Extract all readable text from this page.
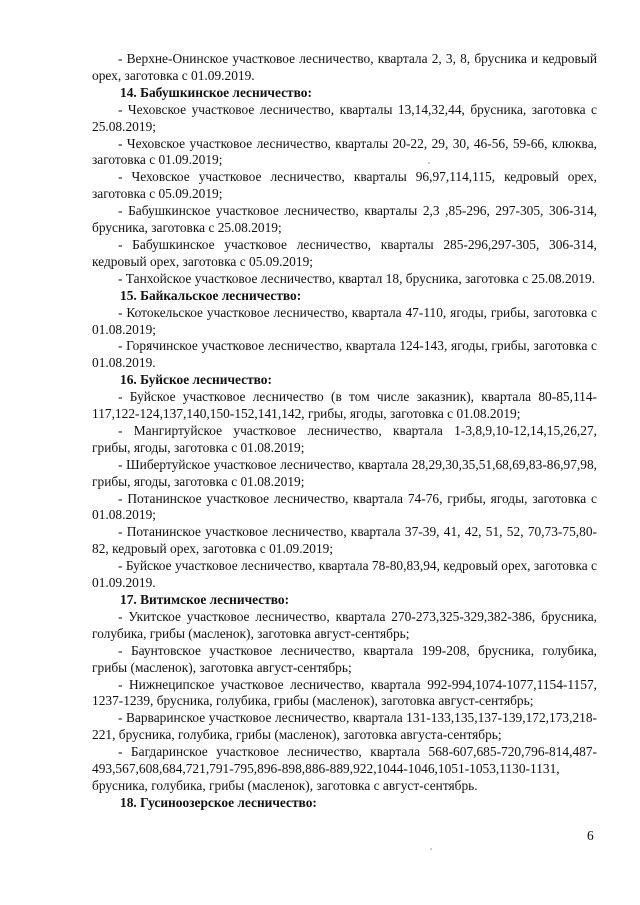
- Верхне-Онинское участковое лесничество, квартала 2, 3, 8, брусника и кедровый орех, заготовка с 01.09.2019.

14. Бабушкинское лесничество:

- Чеховское участковое лесничество, кварталы 13,14,32,44, брусника, заготовка с 25.08.2019;

- Чеховское участковое лесничество, кварталы 20-22, 29, 30, 46-56, 59-66, клюква, заготовка с 01.09.2019;

- Чеховское участковое лесничество, кварталы 96,97,114,115, кедровый орех, заготовка с 05.09.2019;

- Бабушкинское участковое лесничество, кварталы 2,3 ,85-296, 297-305, 306-314, брусника, заготовка с 25.08.2019;

- Бабушкинское участковое лесничество, кварталы 285-296,297-305, 306-314, кедровый орех, заготовка с 05.09.2019;

- Танхойское участковое лесничество, квартал 18, брусника, заготовка с 25.08.2019.

15. Байкальское лесничество:

- Котокельское участковое лесничество, квартала 47-110, ягоды, грибы, заготовка с 01.08.2019;

- Горячинское участковое лесничество, квартала 124-143, ягоды, грибы, заготовка с 01.08.2019.

16. Буйское лесничество:

- Буйское участковое лесничество (в том числе заказник), квартала 80-85,114-117,122-124,137,140,150-152,141,142, грибы, ягоды, заготовка с 01.08.2019;

- Мангиртуйское участковое лесничество, квартала 1-3,8,9,10-12,14,15,26,27, грибы, ягоды, заготовка с 01.08.2019;

- Шибертуйское участковое лесничество, квартала 28,29,30,35,51,68,69,83-86,97,98, грибы, ягоды, заготовка с 01.08.2019;

- Потанинское участковое лесничество, квартала 74-76, грибы, ягоды, заготовка с 01.08.2019;

- Потанинское участковое лесничество, квартала 37-39, 41, 42, 51, 52, 70,73-75,80-82, кедровый орех, заготовка с 01.09.2019;

- Буйское участковое лесничество, квартала 78-80,83,94, кедровый орех, заготовка с 01.09.2019.

17. Витимское лесничество:

- Укитское участковое лесничество, квартала 270-273,325-329,382-386, брусника, голубика, грибы (масленок), заготовка август-сентябрь;

- Баунтовское участковое лесничество, квартала 199-208, брусника, голубика, грибы (масленок), заготовка август-сентябрь;

- Нижнеципское участковое лесничество, квартала 992-994,1074-1077,1154-1157, 1237-1239, брусника, голубика, грибы (масленок), заготовка август-сентябрь;

- Варваринское участковое лесничество, квартала 131-133,135,137-139,172,173,218-221, брусника, голубика, грибы (масленок), заготовка августа-сентябрь;

- Багдаринское участковое лесничество, квартала 568-607,685-720,796-814,487-493,567,608,684,721,791-795,896-898,886-889,922,1044-1046,1051-1053,1130-1131, брусника, голубика, грибы (масленок), заготовка с август-сентябрь.

18. Гусиноозерское лесничество:

6
